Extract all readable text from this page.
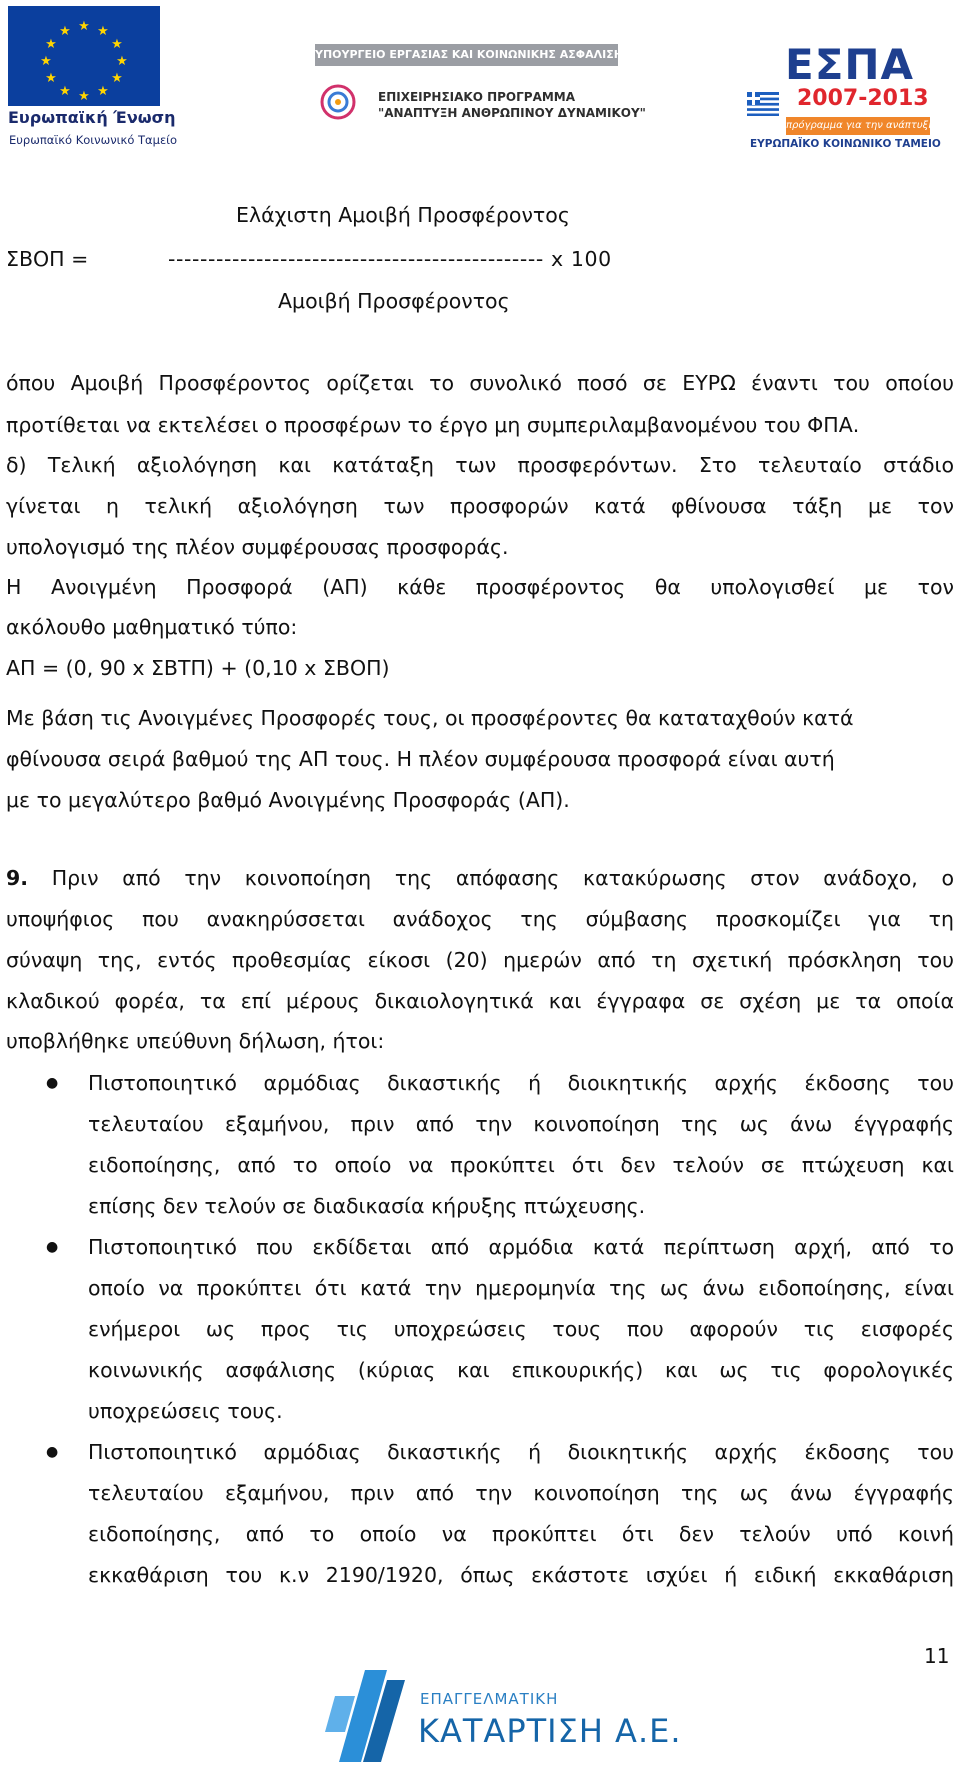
★ ★
★
★
★
★
★
★
★
★
★
★
Ευρωπαϊκή Ένωση
Ευρωπαϊκό Κοινωνικό Ταμείο
ΥΠΟΥΡΓΕΙΟ ΕΡΓΑΣΙΑΣ ΚΑΙ ΚΟΙΝΩΝΙΚΗΣ ΑΣΦΑΛΙΣΗΣ
ΕΠΙΧΕΙΡΗΣΙΑΚΟ ΠΡΟΓΡΑΜΜΑ
"ΑΝΑΠΤΥΞΗ ΑΝΘΡΩΠΙΝΟΥ ΔΥΝΑΜΙΚΟΥ"
ΕΣΠΑ
2007-2013
πρόγραμμα για την ανάπτυξη
ΕΥΡΩΠΑΪΚΟ ΚΟΙΝΩΝΙΚΟ ΤΑΜΕΙΟ
Ελάχιστη Αμοιβή Προσφέροντος
ΣΒΟΠ =	----------------------------------------------- x 100
Αμοιβή Προσφέροντος
όπου Αμοιβή Προσφέροντος ορίζεται το συνολικό ποσό σε ΕΥΡΩ έναντι του οποίου
προτίθεται να εκτελέσει ο προσφέρων το έργο μη συμπεριλαμβανομένου του ΦΠΑ.
δ) Τελική αξιολόγηση και κατάταξη των προσφερόντων. Στο τελευταίο στάδιο
γίνεται η τελική αξιολόγηση των προσφορών κατά φθίνουσα τάξη με τον
υπολογισμό της πλέον συμφέρουσας προσφοράς.
Η Ανοιγμένη Προσφορά (ΑΠ) κάθε προσφέροντος θα υπολογισθεί με τον
ακόλουθο μαθηματικό τύπο:
ΑΠ = (0, 90 x ΣΒΤΠ) + (0,10 x ΣΒΟΠ)
Με βάση τις Ανοιγμένες Προσφορές τους, οι προσφέροντες θα καταταχθούν κατά
φθίνουσα σειρά βαθμού της ΑΠ τους. Η πλέον συμφέρουσα προσφορά είναι αυτή
με το μεγαλύτερο βαθμό Ανοιγμένης Προσφοράς (ΑΠ).
9. Πριν από την κοινοποίηση της απόφασης κατακύρωσης στον ανάδοχο, ο
υποψήφιος που ανακηρύσσεται ανάδοχος της σύμβασης προσκομίζει για τη
σύναψη της, εντός προθεσμίας είκοσι (20) ημερών από τη σχετική πρόσκληση του
κλαδικού φορέα, τα επί μέρους δικαιολογητικά και έγγραφα σε σχέση με τα οποία
υποβλήθηκε υπεύθυνη δήλωση, ήτοι:
● Πιστοποιητικό αρμόδιας δικαστικής ή διοικητικής αρχής έκδοσης του
τελευταίου εξαμήνου, πριν από την κοινοποίηση της ως άνω έγγραφής
ειδοποίησης, από το οποίο να προκύπτει ότι δεν τελούν σε πτώχευση και
επίσης δεν τελούν σε διαδικασία κήρυξης πτώχευσης.
● Πιστοποιητικό που εκδίδεται από αρμόδια κατά περίπτωση αρχή, από το
οποίο να προκύπτει ότι κατά την ημερομηνία της ως άνω ειδοποίησης, είναι
ενήμεροι ως προς τις υποχρεώσεις τους που αφορούν τις εισφορές
κοινωνικής ασφάλισης (κύριας και επικουρικής) και ως τις φορολογικές
υποχρεώσεις τους.
● Πιστοποιητικό αρμόδιας δικαστικής ή διοικητικής αρχής έκδοσης του
τελευταίου εξαμήνου, πριν από την κοινοποίηση της ως άνω έγγραφής
ειδοποίησης, από το οποίο να προκύπτει ότι δεν τελούν υπό κοινή
εκκαθάριση του κ.ν 2190/1920, όπως εκάστοτε ισχύει ή ειδική εκκαθάριση
11
ΕΠΑΓΓΕΛΜΑΤΙΚΗ
ΚΑΤΑΡΤΙΣΗ Α.Ε.
